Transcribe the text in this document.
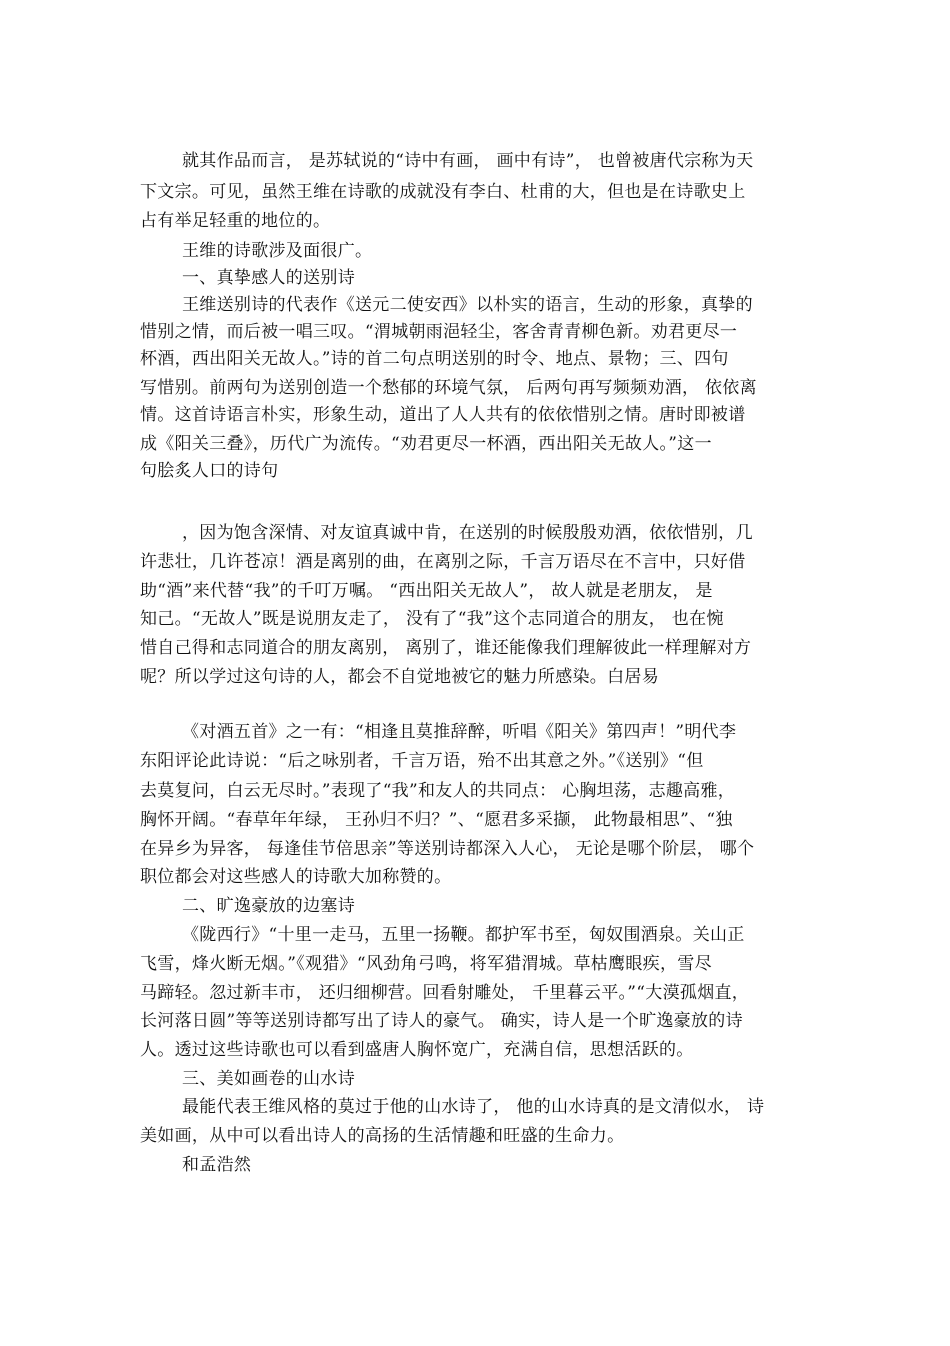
就其作品而言， 是苏轼说的“诗中有画， 画中有诗”， 也曾被唐代宗称为天
下文宗。可见，虽然王维在诗歌的成就没有李白、杜甫的大，但也是在诗歌史上
占有举足轻重的地位的。
王维的诗歌涉及面很广。
一、真挚感人的送别诗
王维送别诗的代表作《送元二使安西》以朴实的语言，生动的形象，真挚的
惜别之情，而后被一唱三叹。“渭城朝雨浥轻尘，客舍青青柳色新。劝君更尽一
杯酒，西出阳关无故人。”诗的首二句点明送别的时令、地点、景物；三、四句
写惜别。前两句为送别创造一个愁郁的环境气氛， 后两句再写频频劝酒， 依依离
情。这首诗语言朴实，形象生动，道出了人人共有的依依惜别之情。唐时即被谱
成《阳关三叠》，历代广为流传。“劝君更尽一杯酒，西出阳关无故人。”这一
句脍炙人口的诗句
，因为饱含深情、对友谊真诚中肯，在送别的时候殷殷劝酒，依依惜别，几
许悲壮，几许苍凉！酒是离别的曲，在离别之际，千言万语尽在不言中，只好借
助“酒”来代替“我”的千叮万嘱。 “西出阳关无故人”， 故人就是老朋友， 是
知己。“无故人”既是说朋友走了， 没有了“我”这个志同道合的朋友， 也在惋
惜自己得和志同道合的朋友离别， 离别了，谁还能像我们理解彼此一样理解对方
呢？所以学过这句诗的人，都会不自觉地被它的魅力所感染。白居易
《对酒五首》之一有：“相逢且莫推辞醉，听唱《阳关》第四声！”明代李
东阳评论此诗说：“后之咏别者，千言万语，殆不出其意之外。”《送别》“但
去莫复问，白云无尽时。”表现了“我”和友人的共同点： 心胸坦荡，志趣高雅，
胸怀开阔。“春草年年绿， 王孙归不归？”、“愿君多采撷， 此物最相思”、“独
在异乡为异客， 每逢佳节倍思亲”等送别诗都深入人心， 无论是哪个阶层， 哪个
职位都会对这些感人的诗歌大加称赞的。
二、旷逸豪放的边塞诗
《陇西行》“十里一走马，五里一扬鞭。都护军书至，匈奴围酒泉。关山正
飞雪，烽火断无烟。”《观猎》“风劲角弓鸣，将军猎渭城。草枯鹰眼疾，雪尽
马蹄轻。忽过新丰市， 还归细柳营。回看射雕处， 千里暮云平。”“大漠孤烟直，
长河落日圆”等等送别诗都写出了诗人的豪气。 确实，诗人是一个旷逸豪放的诗
人。透过这些诗歌也可以看到盛唐人胸怀宽广，充满自信，思想活跃的。
三、美如画卷的山水诗
最能代表王维风格的莫过于他的山水诗了， 他的山水诗真的是文清似水， 诗
美如画，从中可以看出诗人的高扬的生活情趣和旺盛的生命力。
和孟浩然
